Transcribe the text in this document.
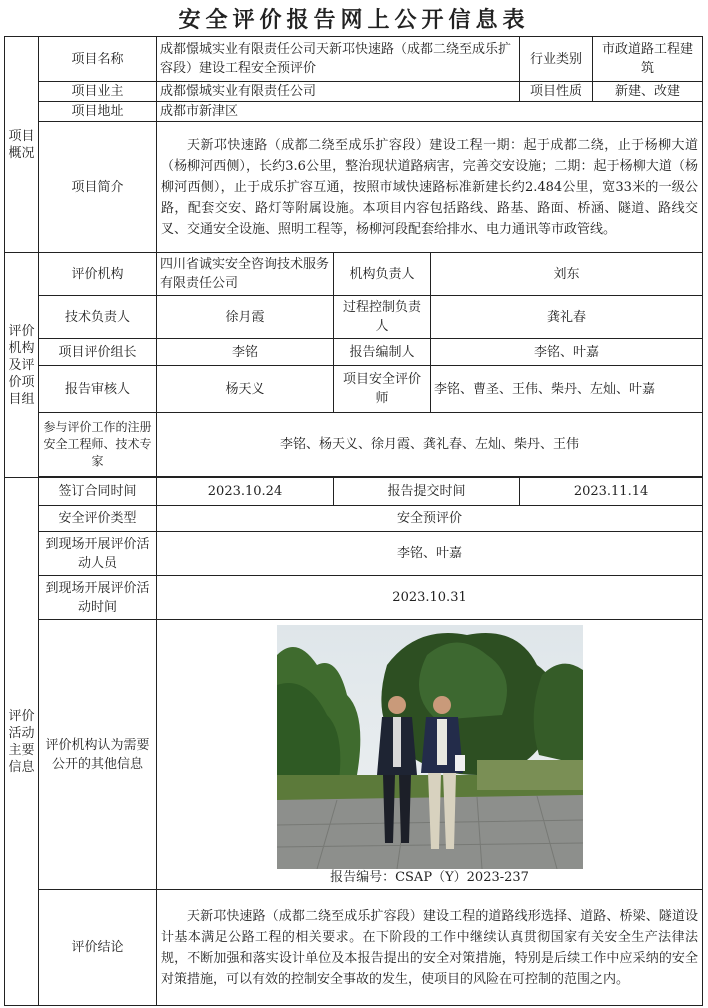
安全评价报告网上公开信息表
项目概况	项目名称	成都憬城实业有限责任公司天新邛快速路（成都二绕至成乐扩容段）建设工程安全预评价			行业类别	市政道路工程建筑
	项目业主	成都憬城实业有限责任公司			项目性质	新建、改建
	项目地址	成都市新津区				
	项目简介	天新邛快速路（成都二绕至成乐扩容段）建设工程一期：起于成都二绕，止于杨柳大道（杨柳河西侧），长约3.6公里，整治现状道路病害，完善交安设施；二期：起于杨柳大道（杨柳河西侧），止于成乐扩容互通，按照市域快速路标准新建长约2.484公里，宽33米的一级公路，配套交安、路灯等附属设施。本项目内容包括路线、路基、路面、桥涵、隧道、路线交叉、交通安全设施、照明工程等，杨柳河段配套给排水、电力通讯等市政管线。				
评价机构及评价项目组	评价机构	四川省诚实安全咨询技术服务有限责任公司	机构负责人	刘东		
	技术负责人	徐月霞	过程控制负责人	龚礼春		
	项目评价组长	李铭	报告编制人	李铭、叶嘉		
	报告审核人	杨天义	项目安全评价师	李铭、曹圣、王伟、柴丹、左灿、叶嘉		
	参与评价工作的注册安全工程师、技术专家	李铭、杨天义、徐月霞、龚礼春、左灿、柴丹、王伟				

评价活动主要信息	签订合同时间	2023.10.24	报告提交时间		2023.11.14	
	安全评价类型	安全预评价				
	到现场开展评价活动人员	李铭、叶嘉				
	到现场开展评价活动时间	2023.10.31				
	评价机构认为需要公开的其他信息	报告编号：CSAP（Y）2023-237				

	评价结论	天新邛快速路（成都二绕至成乐扩容段）建设工程的道路线形选择、道路、桥梁、隧道设计基本满足公路工程的相关要求。在下阶段的工作中继续认真贯彻国家有关安全生产法律法规，不断加强和落实设计单位及本报告提出的安全对策措施，特别是后续工作中应采纳的安全对策措施，可以有效的控制安全事故的发生，使项目的风险在可控制的范围之内。				
